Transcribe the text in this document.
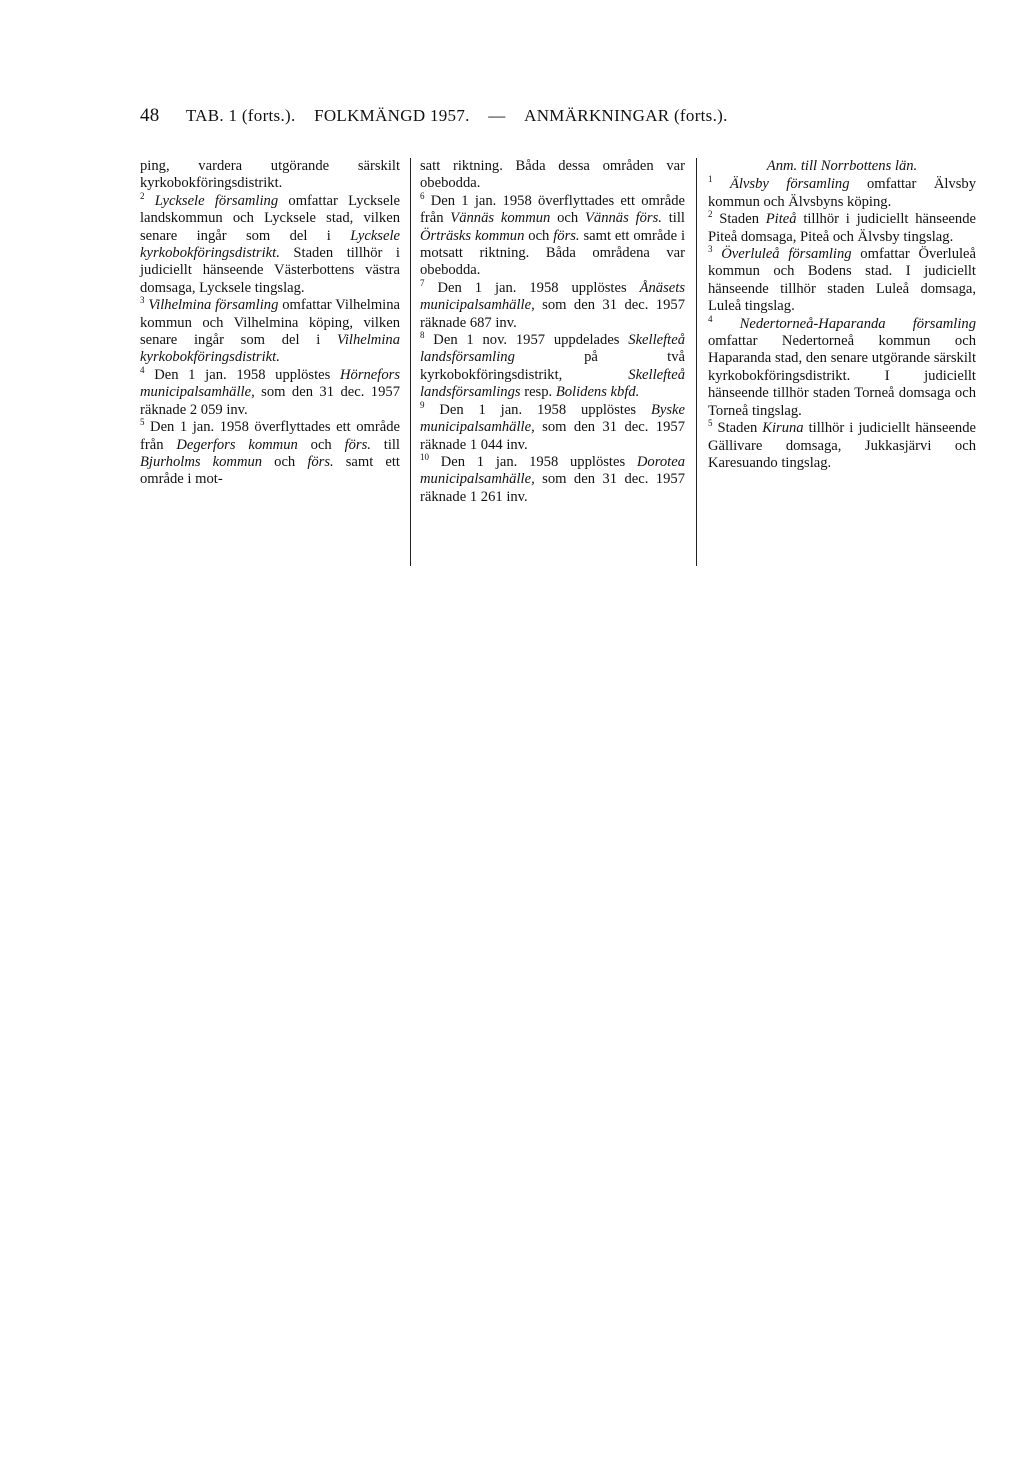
48 TAB. 1 (forts.). FOLKMÄNGD 1957. — ANMÄRKNINGAR (forts.).

ping, vardera utgörande särskilt kyrkobokföringsdistrikt.

$^2$ Lycksele församling omfattar Lycksele landskommun och Lycksele stad, vilken senare ingår som del i Lycksele kyrkobokföringsdistrikt. Staden tillhör i judiciellt hänseende Västerbottens västra domsaga, Lycksele tingslag.

$^3$ Vilhelmina församling omfattar Vilhelmina kommun och Vilhelmina köping, vilken senare ingår som del i Vilhelmina kyrkobokföringsdistrikt.

$^4$ Den 1 jan. 1958 upplöstes Hörnefors municipalsamhälle, som den 31 dec. 1957 räknade 2 059 inv.

$^5$ Den 1 jan. 1958 överflyttades ett område från Degerfors kommun och förs. till Bjurholms kommun och förs. samt ett område i mot-

satt riktning. Båda dessa områden var obebodda.

$^6$ Den 1 jan. 1958 överflyttades ett område från Vännäs kommun och Vännäs förs. till Örträsks kommun och förs. samt ett område i motsatt riktning. Båda områdena var obebodda.

$^7$ Den 1 jan. 1958 upplöstes Ånäsets municipalsamhälle, som den 31 dec. 1957 räknade 687 inv.

$^8$ Den 1 nov. 1957 uppdelades Skellefteå landsförsamling på två kyrkobokföringsdistrikt, Skellefteå landsförsamlings resp. Bolidens kbfd.

$^9$ Den 1 jan. 1958 upplöstes Byske municipalsamhälle, som den 31 dec. 1957 räknade 1 044 inv.

$^{10}$ Den 1 jan. 1958 upplöstes Dorotea municipalsamhälle, som den 31 dec. 1957 räknade 1 261 inv.

Anm. till Norrbottens län.

$^1$ Älvsby församling omfattar Älvsby kommun och Älvsbyns köping.

$^2$ Staden Piteå tillhör i judiciellt hänseende Piteå domsaga, Piteå och Älvsby tingslag.

$^3$ Överluleå församling omfattar Överluleå kommun och Bodens stad. I judiciellt hänseende tillhör staden Luleå domsaga, Luleå tingslag.

$^4$ Nedertorneå-Haparanda församling omfattar Nedertorneå kommun och Haparanda stad, den senare utgörande särskilt kyrkobokföringsdistrikt. I judiciellt hänseende tillhör staden Torneå domsaga och Torneå tingslag.

$^5$ Staden Kiruna tillhör i judiciellt hänseende Gällivare domsaga, Jukkasjärvi och Karesuando tingslag.
